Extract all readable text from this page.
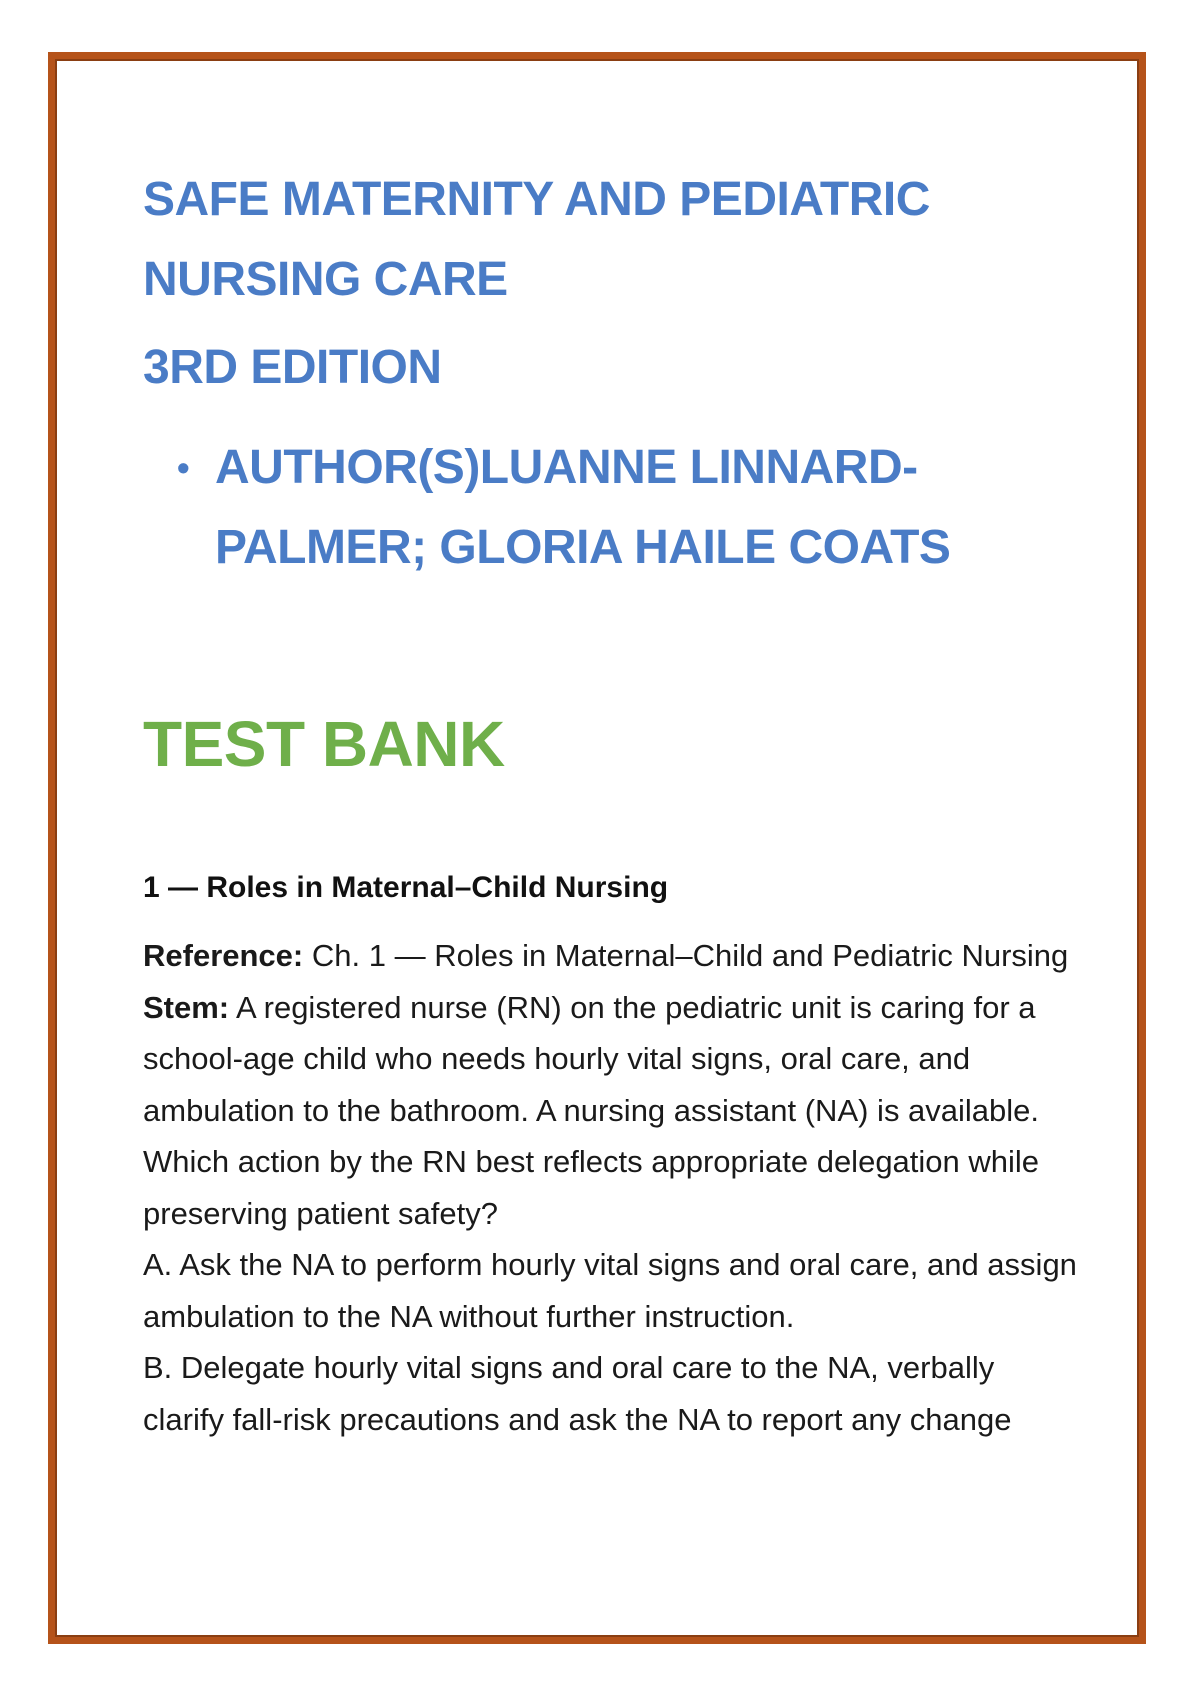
SAFE MATERNITY AND PEDIATRIC NURSING CARE
3RD EDITION
• AUTHOR(S)LUANNE LINNARD-PALMER; GLORIA HAILE COATS
TEST BANK
1 — Roles in Maternal–Child Nursing

Reference: Ch. 1 — Roles in Maternal–Child and Pediatric Nursing

Stem: A registered nurse (RN) on the pediatric unit is caring for a school-age child who needs hourly vital signs, oral care, and ambulation to the bathroom. A nursing assistant (NA) is available. Which action by the RN best reflects appropriate delegation while preserving patient safety?

A. Ask the NA to perform hourly vital signs and oral care, and assign ambulation to the NA without further instruction.

B. Delegate hourly vital signs and oral care to the NA, verbally clarify fall-risk precautions and ask the NA to report any change
